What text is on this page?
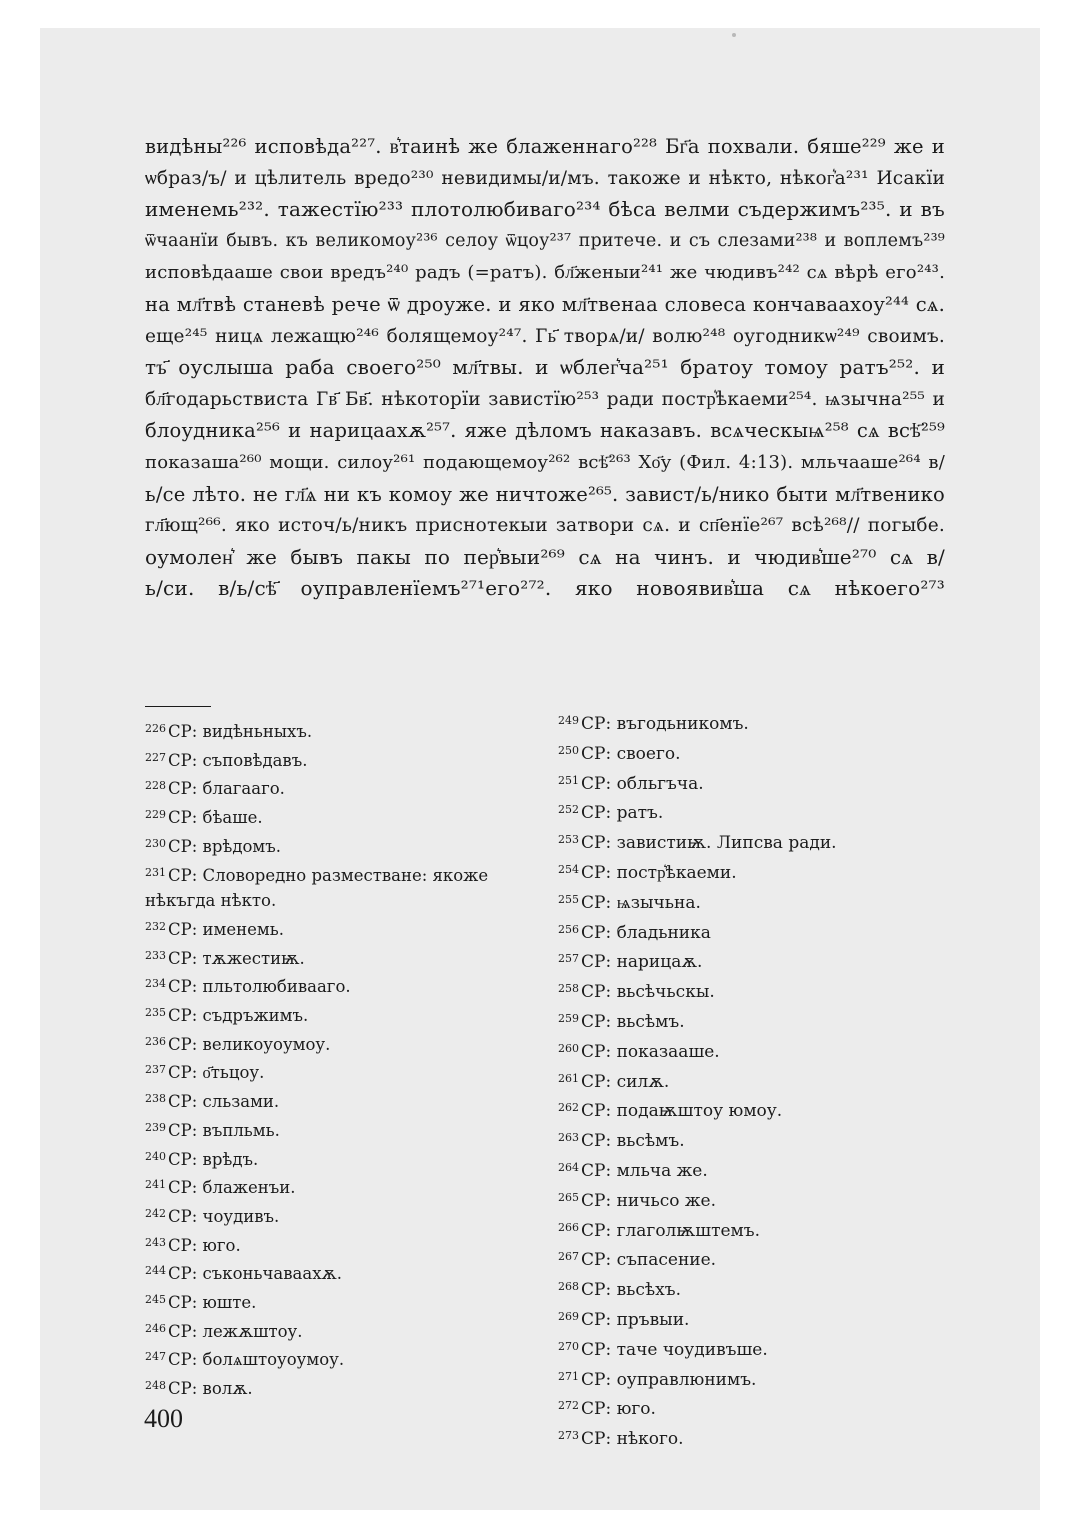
видѣны²²⁶ исповѣда²²⁷. в͛таинѣ же блаженнаго²²⁸ Бг҃а похвали. бяше²²⁹ же и
ѡбраз/ъ/ и цѣлитель вредо²³⁰ невидимы/и/мъ. такоже и нѣкто, нѣког͛а²³¹ Исакїи
именемь²³². тажестїю²³³ плотолюбиваго²³⁴ бѣса велми съдержимъ²³⁵. и въ
ѿчаанїи бывъ. къ великомоу²³⁶ селоу ѿцоу²³⁷ притече. и съ слезами²³⁸ и воплемъ²³⁹
исповѣдааше свои вредъ²⁴⁰ радъ (=ратъ). бл҃женыи²⁴¹ же чюдивъ²⁴² сѧ вѣрѣ его²⁴³.
на мл҃твѣ станевѣ рече ѿ дроуже. и яко мл҃твенаа словеса кончавааxоу²⁴⁴ сѧ.
еще²⁴⁵ ницѧ лежащю²⁴⁶ болящемоу²⁴⁷. Гь҃ творѧ/и/ волю²⁴⁸ оугодникѡ²⁴⁹ своимъ.
тъ҃ оуслыша раба своего²⁵⁰ мл҃твы. и ѡблег͛ча²⁵¹ братоу томоу ратъ²⁵². и
бл҃годарьствиста Гв҃ Бв҃. нѣкоторїи завистїю²⁵³ ради постр͛ѣкаеми²⁵⁴. ѩзычна²⁵⁵ и
блоудника²⁵⁶ и нарицааxѫ²⁵⁷. яже дѣломъ наказавъ. всѧческыѩ²⁵⁸ сѧ всѣ҃²⁵⁹
показаша²⁶⁰ мощи. силоу²⁶¹ подающемоу²⁶² всѣ҃²⁶³ Хо҃у (Фил. 4:13). мльчааше²⁶⁴ в/
ь/се лѣто. не гл҃ѧ ни къ комоу же ничтоже²⁶⁵. завист/ь/нико быти мл҃твенико
гл҃ющ²⁶⁶. яко источ/ь/никъ приснотекыи затвори сѧ. и сп҃енїе²⁶⁷ всѣ²⁶⁸// погыбе.
оумолен͛ же бывъ пакы по пер͛выи²⁶⁹ сѧ на чинъ. и чюдив͛ше²⁷⁰ сѧ в/
ь/си. в/ь/сѣ҃ оуправленїемъ²⁷¹его²⁷². яко новоявив͛ша сѧ нѣкоего²⁷³
$^{226}$ СР: видѣньныхъ.
$^{227}$ СР: съповѣдавъ.
$^{228}$ СР: благааго.
$^{229}$ СР: бѣаше.
$^{230}$ СР: врѣдомъ.
$^{231}$ СР: Словоредно разместване: якоже нѣкъгда нѣкто.
$^{232}$ СР: именемь.
$^{233}$ СР: тѫжестиѭ.
$^{234}$ СР: пльтолюбиваaго.
$^{235}$ СР: съдръжимъ.
$^{236}$ СР: великоуоумоу.
$^{237}$ СР: о҃тьцоу.
$^{238}$ СР: сльзами.
$^{239}$ СР: въпльмь.
$^{240}$ СР: врѣдъ.
$^{241}$ СР: блаженъи.
$^{242}$ СР: чоудивъ.
$^{243}$ СР: юго.
$^{244}$ СР: съконьчавааxѫ.
$^{245}$ СР: юште.
$^{246}$ СР: лежѫштоу.
$^{247}$ СР: болѧштоуоумоу.
$^{248}$ СР: волѫ.
$^{249}$ СР: въгодьникомъ.
$^{250}$ СР: своего.
$^{251}$ СР: обльгъча.
$^{252}$ СР: ратъ.
$^{253}$ СР: завистиѭ. Липсва ради.
$^{254}$ СР: постр͛ѣкаеми.
$^{255}$ СР: ѩзычьна.
$^{256}$ СР: бладьника
$^{257}$ СР: нарицаѫ.
$^{258}$ СР: вьсѣчьскы.
$^{259}$ СР: вьсѣмъ.
$^{260}$ СР: показааше.
$^{261}$ СР: силѫ.
$^{262}$ СР: подаѭштоу юмоу.
$^{263}$ СР: вьсѣмъ.
$^{264}$ СР: мльча же.
$^{265}$ СР: ничьсо же.
$^{266}$ СР: глаголѭштемъ.
$^{267}$ СР: съпасение.
$^{268}$ СР: вьсѣхъ.
$^{269}$ СР: пръвыи.
$^{270}$ СР: таче чоудивъше.
$^{271}$ СР: оуправлюнимъ.
$^{272}$ СР: юго.
$^{273}$ СР: нѣкого.
400
